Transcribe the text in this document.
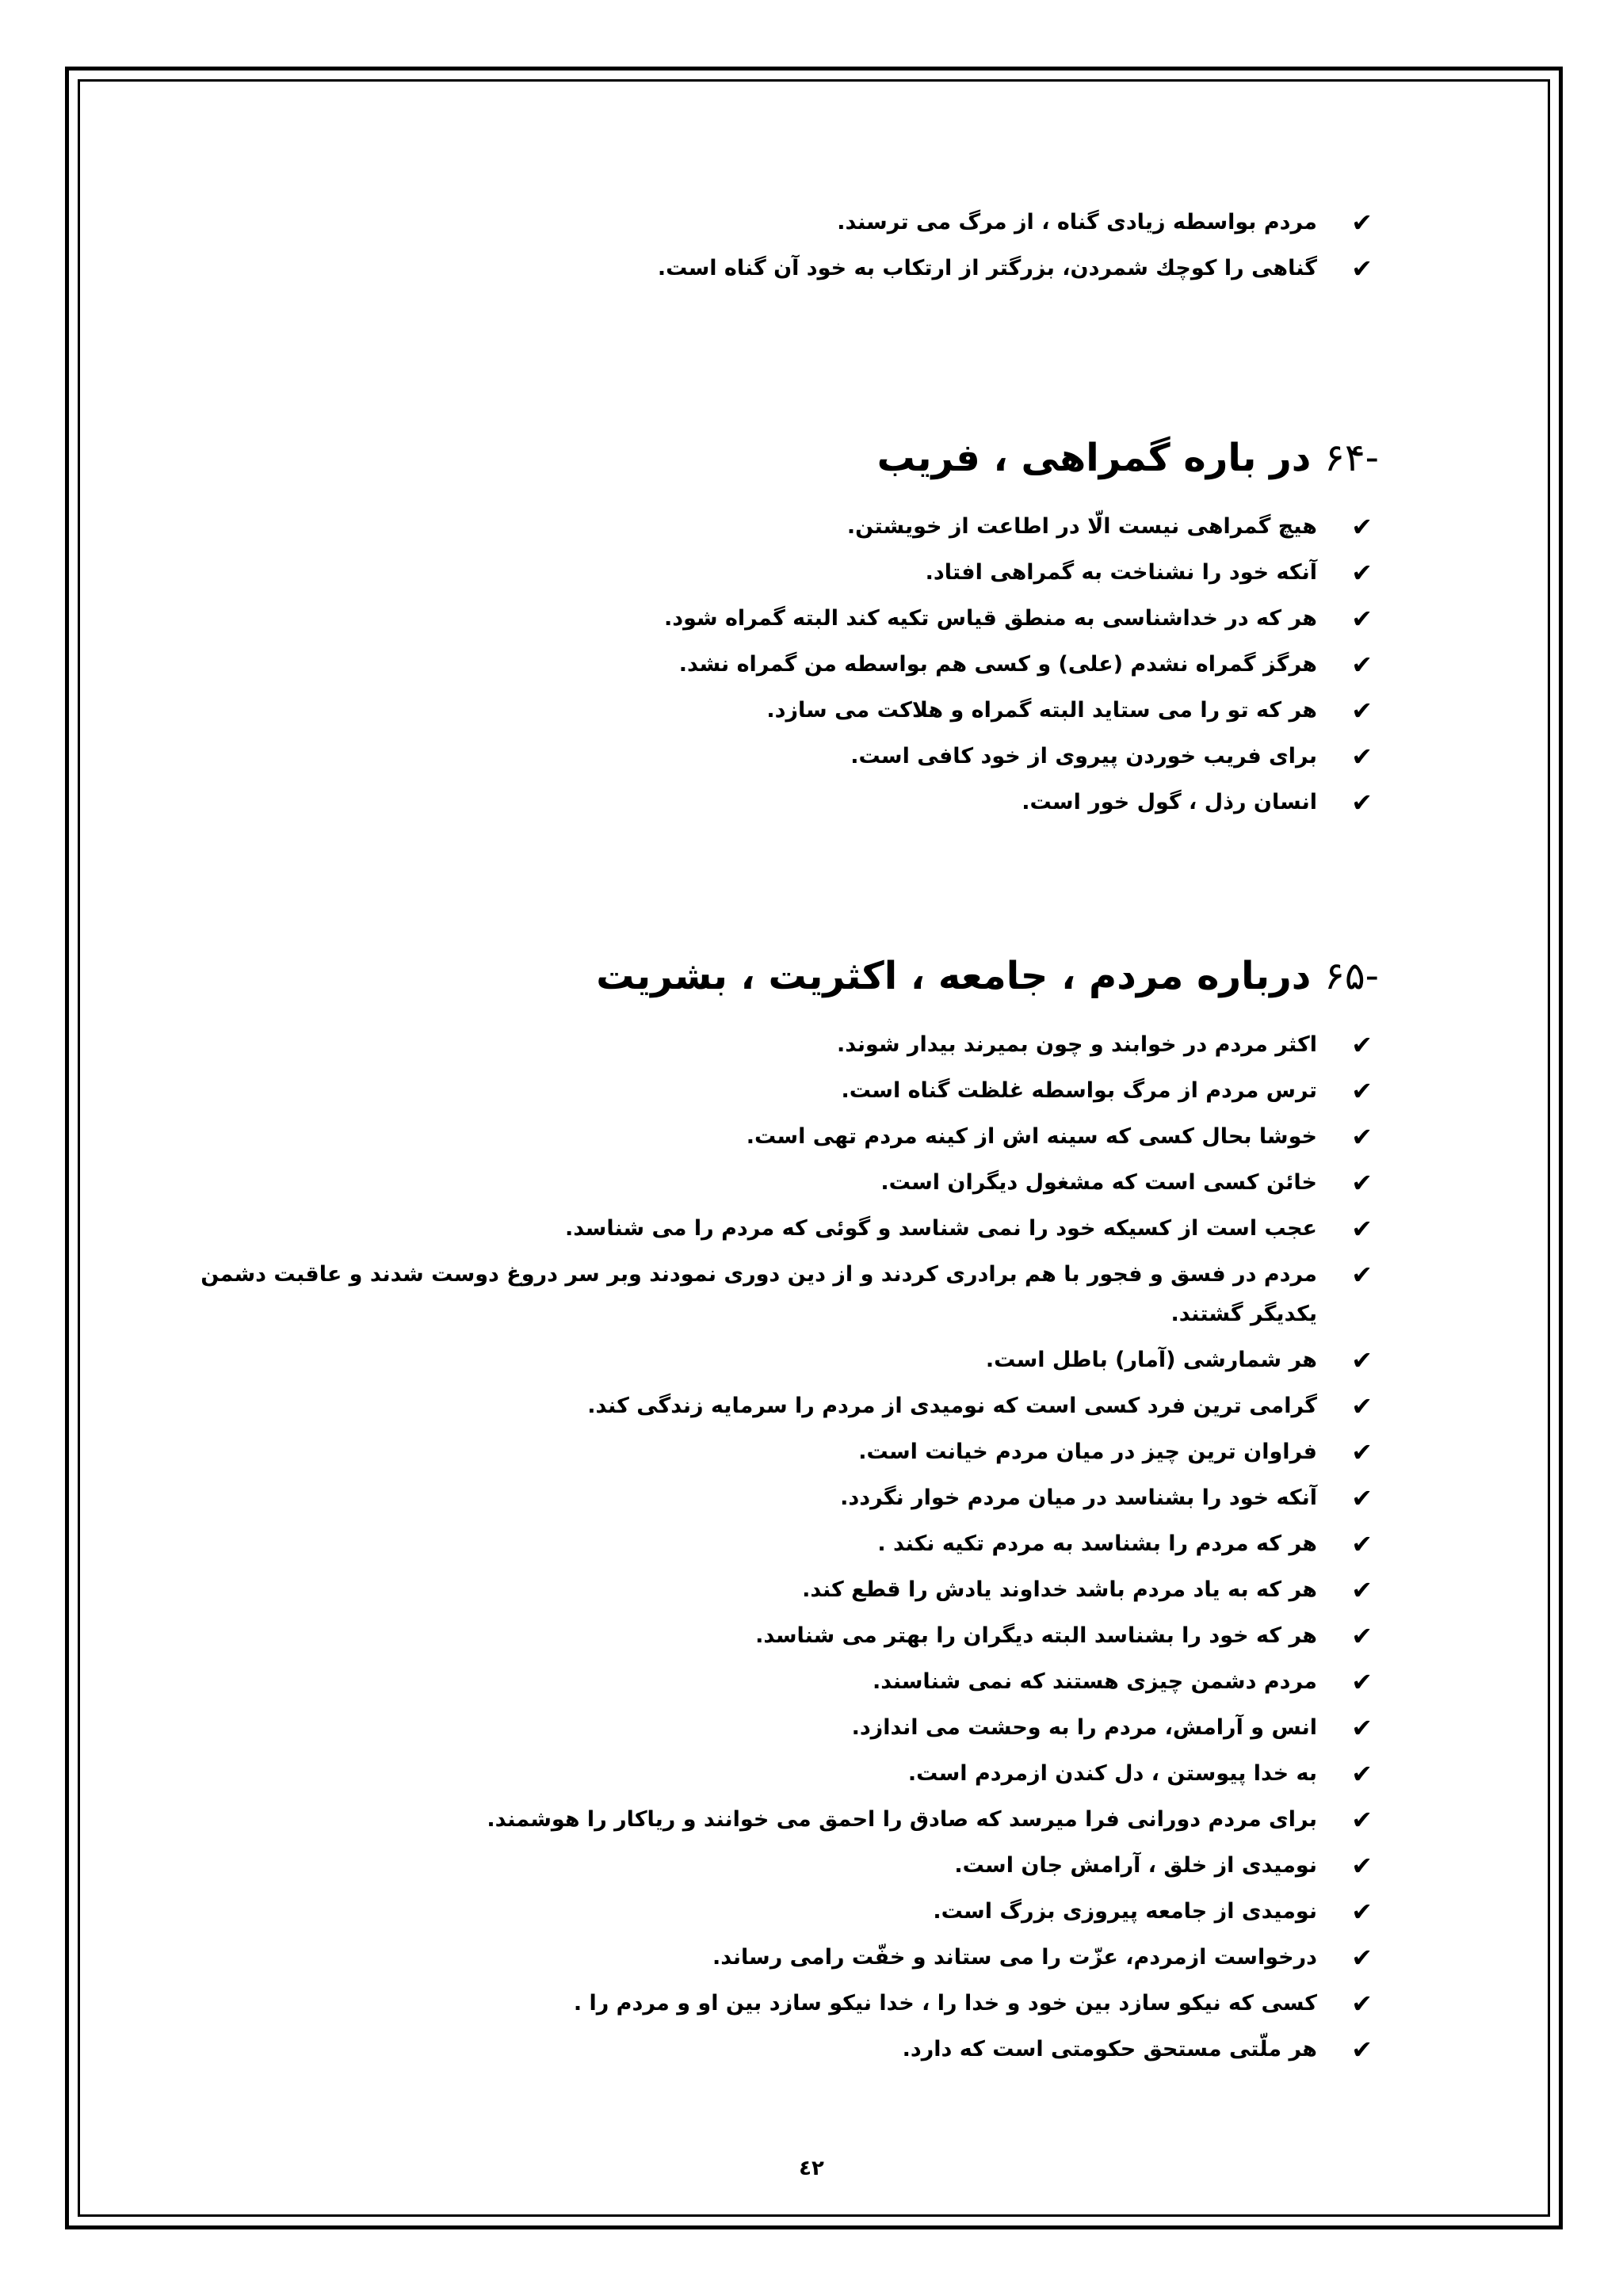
✔
مردم بواسطه زيادى گناه ، از مرگ مى ترسند.
✔
گناهى را كوچك شمردن، بزرگتر از ارتكاب به خود آن گناه است.
-۶۴ در باره گمراهى ، فريب
✔
هيچ گمراهى نيست الّا در اطاعت از خويشتن.
✔
آنكه خود را نشناخت به گمراهى افتاد.
✔
هر كه در خداشناسى به منطق قياس تكيه كند البته گمراه شود.
✔
هرگز گمراه نشدم (على) و كسى هم بواسطه من گمراه نشد.
✔
هر كه تو را مى ستايد البته گمراه و هلاكت مى سازد.
✔
براى فريب خوردن پيروى از خود كافى است.
✔
انسان رذل ، گول خور است.
-۶۵ درباره مردم ، جامعه ، اكثريت ، بشريت
✔
اكثر مردم در خوابند و چون بميرند بيدار شوند.
✔
ترس مردم از مرگ بواسطه غلظت گناه است.
✔
خوشا بحال كسى كه سينه اش از كينه مردم تهى است.
✔
خائن كسى است كه مشغول ديگران است.
✔
عجب است از كسيكه خود را نمى شناسد و گوئى كه مردم را مى شناسد.
✔
مردم در فسق و فجور با هم برادرى كردند و از دين دورى نمودند وبر سر دروغ دوست شدند و عاقبت دشمن يكديگر گشتند.
✔
هر شمارشى (آمار) باطل است.
✔
گرامى ترين فرد كسى است كه نوميدى از مردم را سرمايه زندگى كند.
✔
فراوان ترين چيز در ميان مردم خيانت است.
✔
آنكه خود را بشناسد در ميان مردم خوار نگردد.
✔
هر كه مردم را بشناسد به مردم تكيه نكند .
✔
هر كه به ياد مردم باشد خداوند يادش را قطع كند.
✔
هر كه خود را بشناسد البته ديگران را بهتر مى شناسد.
✔
مردم دشمن چيزى هستند كه نمى شناسند.
✔
انس و آرامش، مردم را به وحشت مى اندازد.
✔
به خدا پيوستن ، دل كندن ازمردم است.
✔
براى مردم دورانى فرا ميرسد كه صادق را احمق مى خوانند و رياكار را هوشمند.
✔
نوميدى از خلق ، آرامش جان است.
✔
نوميدى از جامعه پيروزى بزرگ است.
✔
درخواست ازمردم، عزّت را مى ستاند و خفّت رامى رساند.
✔
كسى كه نيكو سازد بين خود و خدا را ، خدا نيكو سازد بين او و مردم را .
✔
هر ملّتى مستحق حكومتى است كه دارد.
٤٢
